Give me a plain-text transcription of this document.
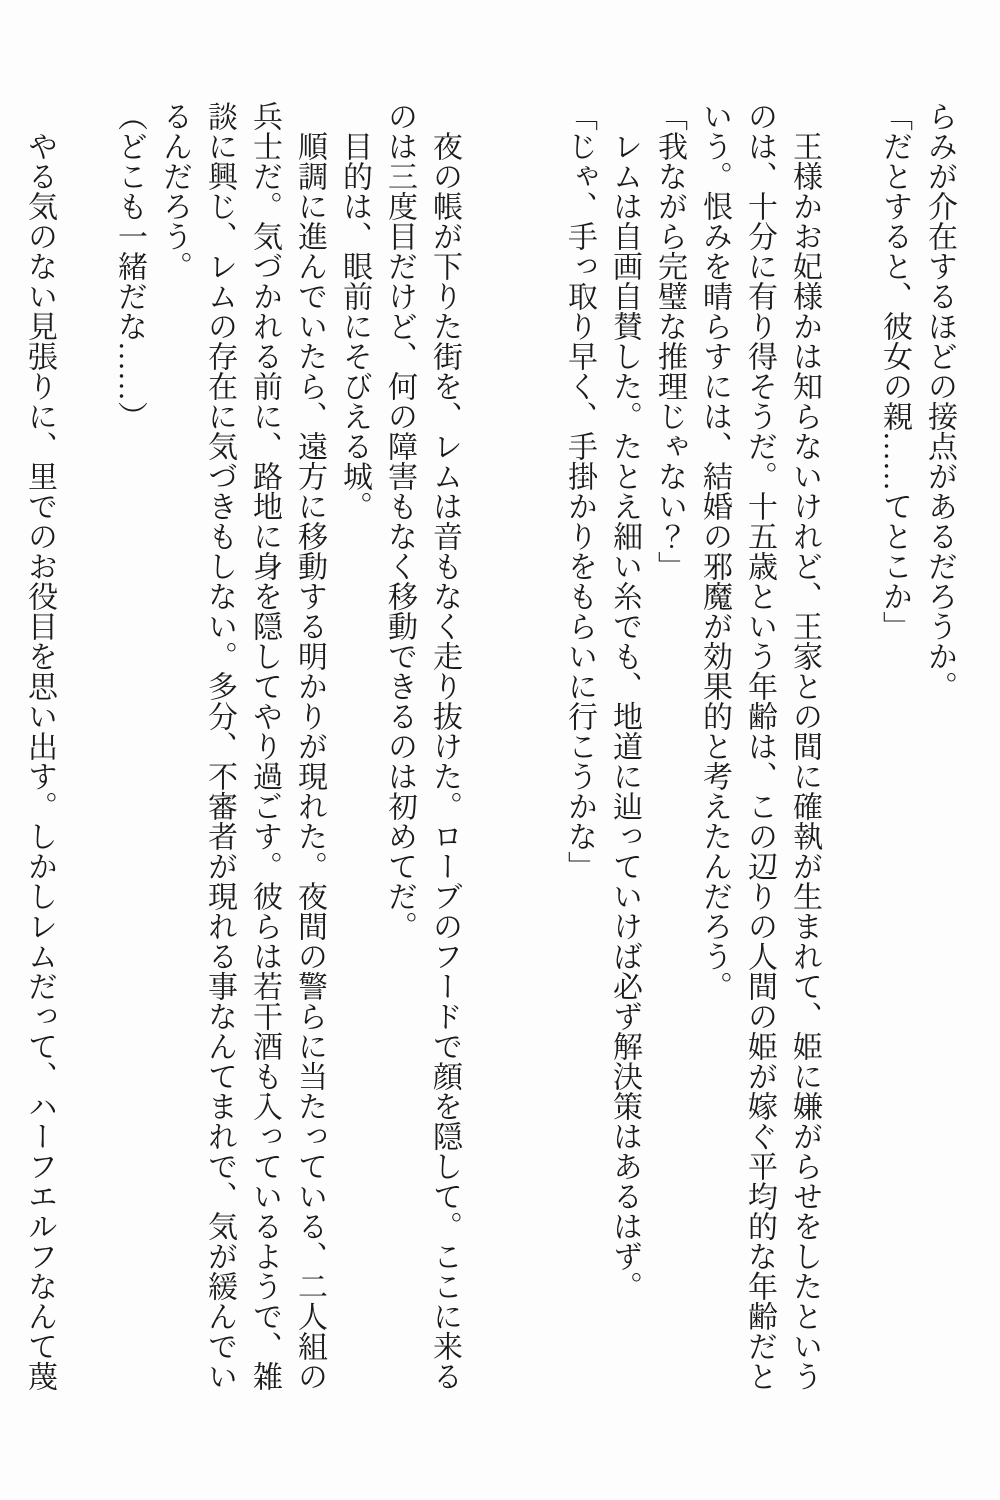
らみが介在するほどの接点があるだろうか。

「だとすると、彼女の親……てとこか」

王様かお妃様かは知らないけれど、王家との間に確執が生まれて、姫に嫌がらせをしたというのは、十分に有り得そうだ。十五歳という年齢は、この辺りの人間の姫が嫁ぐ平均的な年齢だという。恨みを晴らすには、結婚の邪魔が効果的と考えたんだろう。

「我ながら完璧な推理じゃない？」

レムは自画自賛した。たとえ細い糸でも、地道に辿っていけば必ず解決策はあるはず。

「じゃ、手っ取り早く、手掛かりをもらいに行こうかな」

夜の帳が下りた街を、レムは音もなく走り抜けた。ローブのフードで顔を隠して。ここに来るのは三度目だけど、何の障害もなく移動できるのは初めてだ。

目的は、眼前にそびえる城。

順調に進んでいたら、遠方に移動する明かりが現れた。夜間の警らに当たっている、二人組の兵士だ。気づかれる前に、路地に身を隠してやり過ごす。彼らは若干酒も入っているようで、雑談に興じ、レムの存在に気づきもしない。多分、不審者が現れる事なんてまれで、気が緩んでいるんだろう。

（どこも一緒だな……）

やる気のない見張りに、里でのお役目を思い出す。しかしレムだって、ハーフエルフなんて蔑
